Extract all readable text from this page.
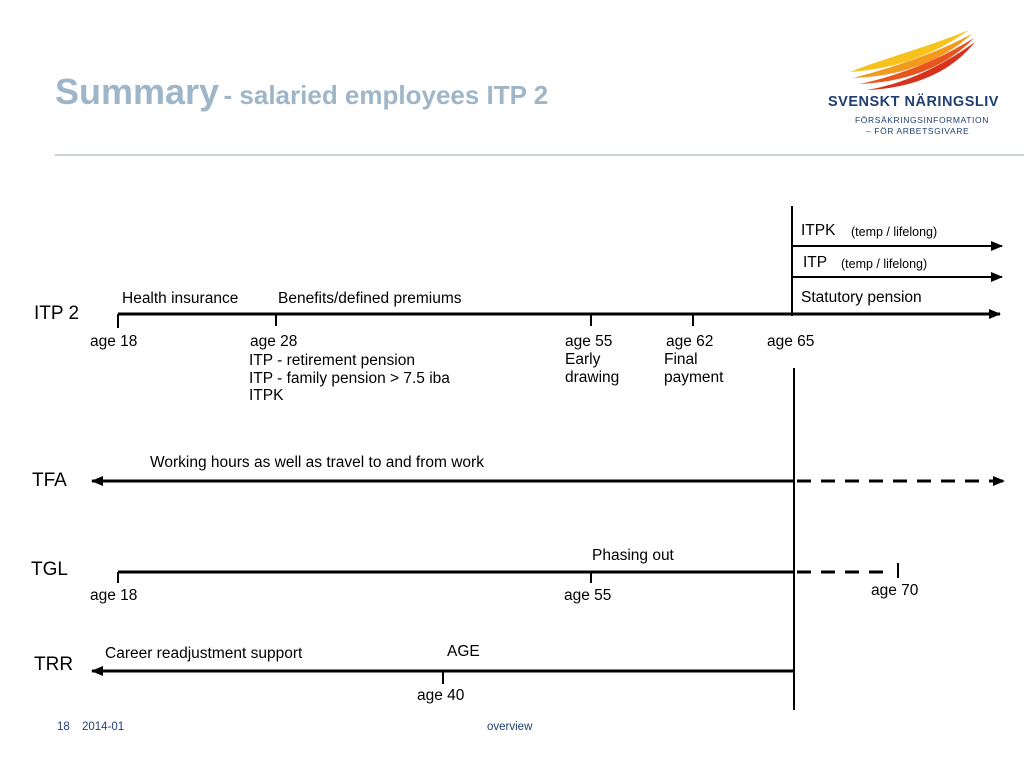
Summary - salaried employees ITP 2	SVENSKT NÄRINGSLIV
FÖRSÄKRINGSINFORMATION
– FÖR ARBETSGIVARE
ITP 2
Health insurance	Benefits/defined premiums
age 18	age 28	age 55	age 62	age 65
ITP - retirement pension
ITP - family pension > 7.5 iba
ITPK
Early
drawing
Final
payment
ITPK (temp / lifelong)
ITP (temp / lifelong)
Statutory pension
TFA
Working hours as well as travel to and from work
TGL
Phasing out
age 18	age 55	age 70
TRR
Career readjustment support	AGE
age 40
18 2014-01	overview
